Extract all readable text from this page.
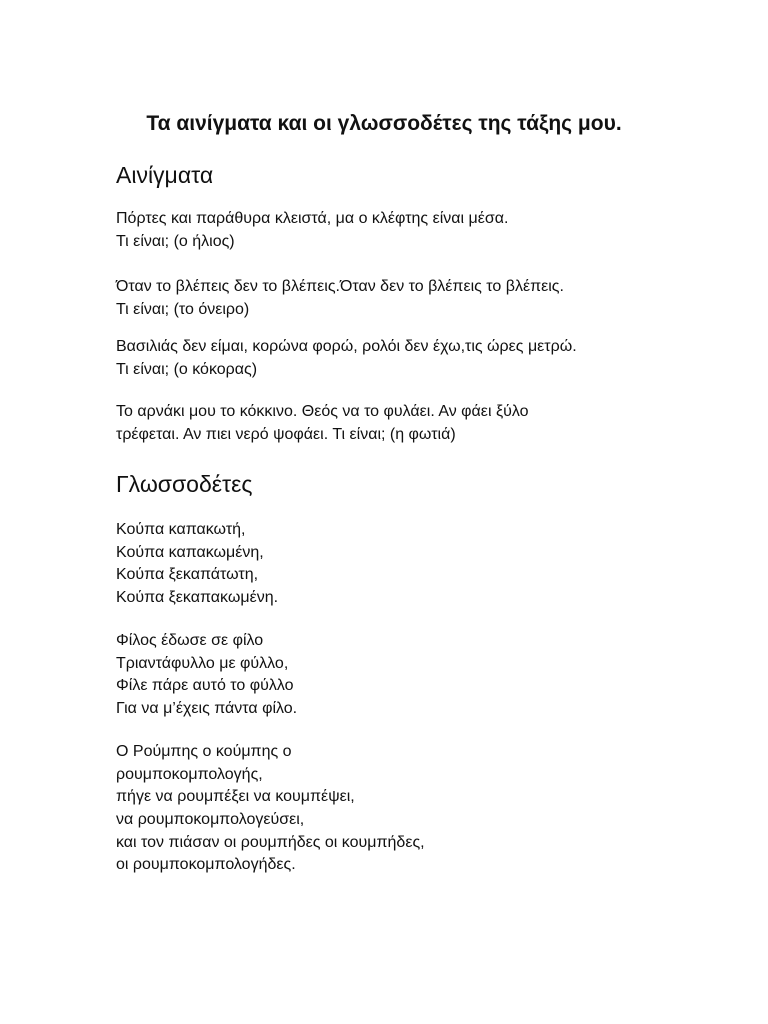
Τα αινίγματα και οι γλωσσοδέτες της τάξης μου.
Αινίγματα
Πόρτες και παράθυρα κλειστά, μα ο κλέφτης είναι μέσα.
Τι είναι; (ο ήλιος)
Όταν το βλέπεις δεν το βλέπεις.Όταν δεν το βλέπεις το βλέπεις.
Τι είναι; (το όνειρο)
Βασιλιάς δεν είμαι, κορώνα φορώ, ρολόι δεν έχω,τις ώρες μετρώ.
Τι είναι; (ο κόκορας)
Το αρνάκι μου το κόκκινο. Θεός να το φυλάει. Αν φάει ξύλο
τρέφεται. Αν πιει νερό ψοφάει. Τι είναι; (η φωτιά)
Γλωσσοδέτες
Κούπα καπακωτή,
Κούπα καπακωμένη,
Κούπα ξεκαπάτωτη,
Κούπα ξεκαπακωμένη.
Φίλος έδωσε σε φίλο
Τριαντάφυλλο με φύλλο,
Φίλε πάρε αυτό το φύλλο
Για να μ’έχεις πάντα φίλο.
Ο Ρούμπης ο κούμπης ο
ρουμποκομπολογής,
πήγε να ρουμπέξει να κουμπέψει,
να ρουμποκομπολογεύσει,
και τον πιάσαν οι ρουμπήδες οι κουμπήδες,
οι ρουμποκομπολογήδες.
